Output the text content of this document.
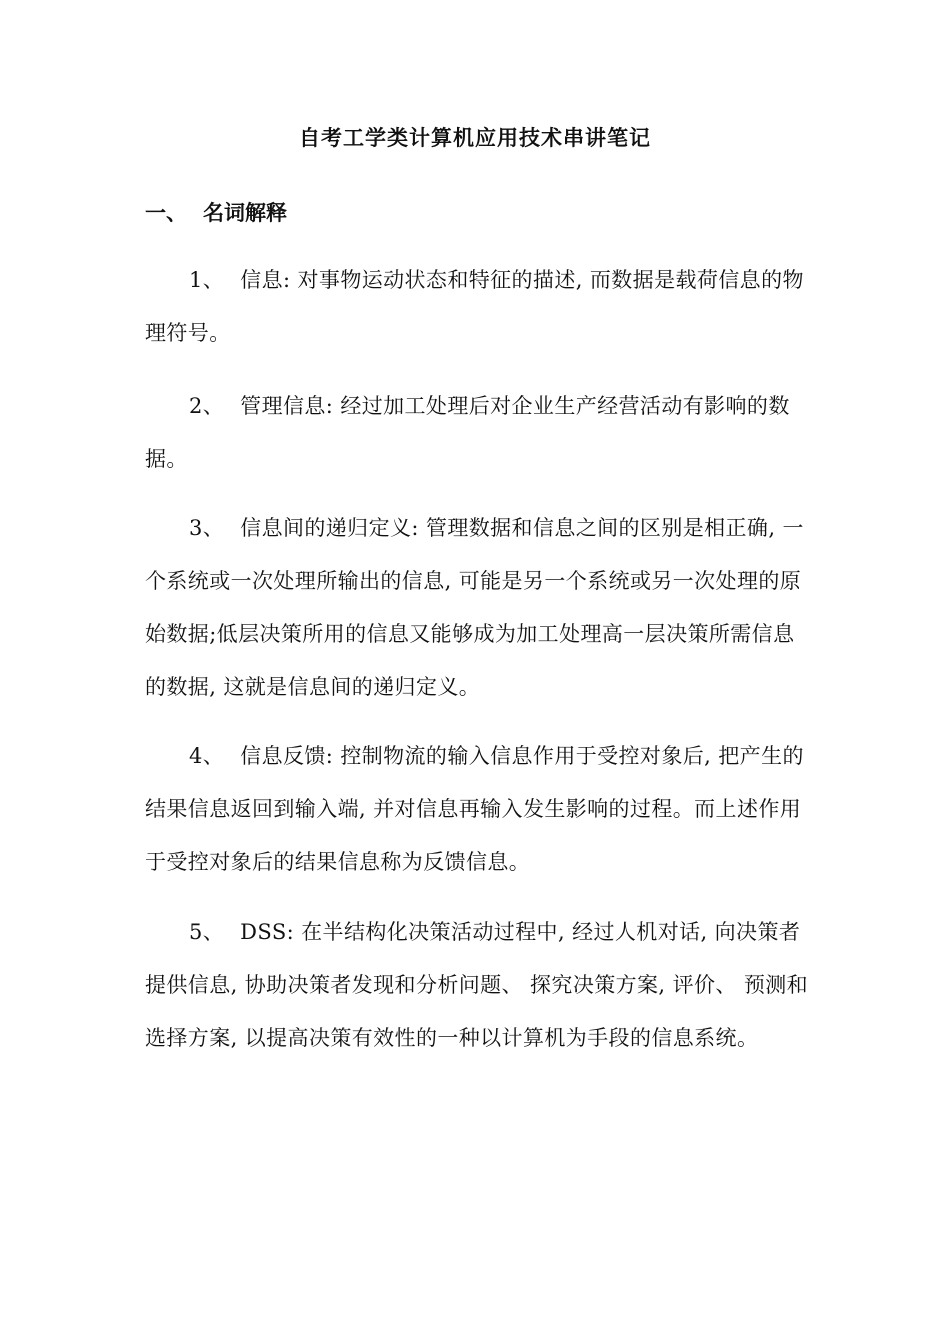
自考工学类计算机应用技术串讲笔记
一、 名词解释

1、 信息: 对事物运动状态和特征的描述, 而数据是载荷信息的物理符号。

2、 管理信息: 经过加工处理后对企业生产经营活动有影响的数据。

3、 信息间的递归定义: 管理数据和信息之间的区别是相正确, 一个系统或一次处理所输出的信息, 可能是另一个系统或另一次处理的原始数据;低层决策所用的信息又能够成为加工处理高一层决策所需信息的数据, 这就是信息间的递归定义。

4、 信息反馈: 控制物流的输入信息作用于受控对象后, 把产生的结果信息返回到输入端, 并对信息再输入发生影响的过程。而上述作用于受控对象后的结果信息称为反馈信息。

5、 DSS: 在半结构化决策活动过程中, 经过人机对话, 向决策者提供信息, 协助决策者发现和分析问题、 探究决策方案, 评价、 预测和选择方案, 以提高决策有效性的一种以计算机为手段的信息系统。
